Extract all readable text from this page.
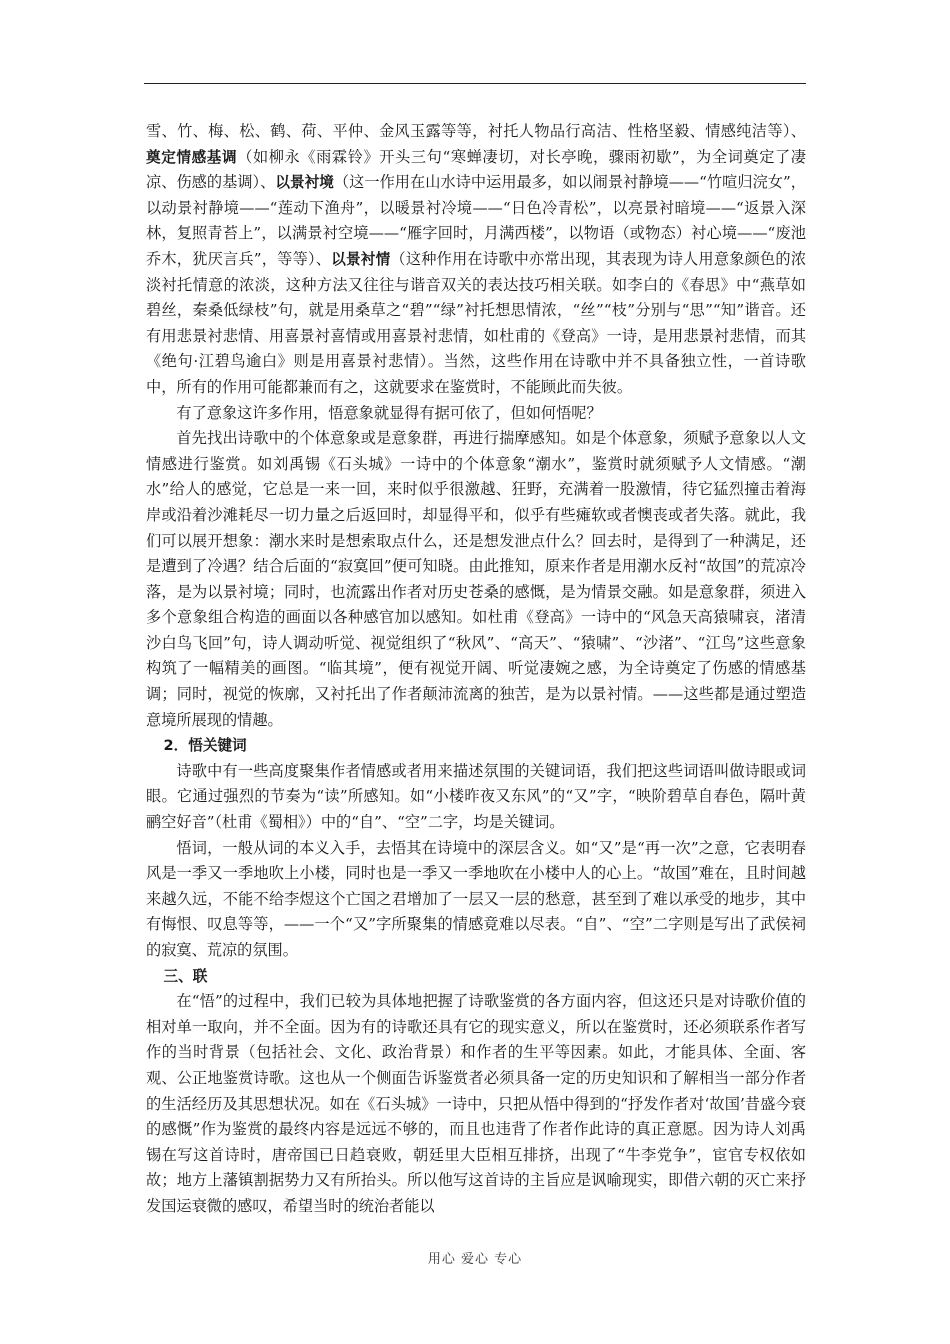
雪、竹、梅、松、鹤、荷、平仲、金风玉露等等，衬托人物品行高洁、性格坚毅、情感纯洁等）、奠定情感基调（如柳永《雨霖铃》开头三句“寒蝉凄切，对长亭晚，骤雨初歇”，为全词奠定了凄凉、伤感的基调）、以景衬境（这一作用在山水诗中运用最多，如以闹景衬静境——“竹喧归浣女”，以动景衬静境——“莲动下渔舟”，以暖景衬冷境——“日色冷青松”，以亮景衬暗境——“返景入深林，复照青苔上”，以满景衬空境——“雁字回时，月满西楼”，以物语（或物态）衬心境——“废池乔木，犹厌言兵”，等等）、以景衬情（这种作用在诗歌中亦常出现，其表现为诗人用意象颜色的浓淡衬托情意的浓淡，这种方法又往往与谐音双关的表达技巧相关联。如李白的《春思》中“燕草如碧丝，秦桑低绿枝”句，就是用桑草之“碧”“绿”衬托想思情浓，“丝”“枝”分别与“思”“知”谐音。还有用悲景衬悲情、用喜景衬喜情或用喜景衬悲情，如杜甫的《登高》一诗，是用悲景衬悲情，而其《绝句·江碧鸟逾白》则是用喜景衬悲情）。当然，这些作用在诗歌中并不具备独立性，一首诗歌中，所有的作用可能都兼而有之，这就要求在鉴赏时，不能顾此而失彼。

有了意象这许多作用，悟意象就显得有据可依了，但如何悟呢？

首先找出诗歌中的个体意象或是意象群，再进行揣摩感知。如是个体意象，须赋予意象以人文情感进行鉴赏。如刘禹锡《石头城》一诗中的个体意象“潮水”，鉴赏时就须赋予人文情感。“潮水”给人的感觉，它总是一来一回，来时似乎很激越、狂野，充满着一股激情，待它猛烈撞击着海岸或沿着沙滩耗尽一切力量之后返回时，却显得平和，似乎有些瘫软或者懊丧或者失落。就此，我们可以展开想象：潮水来时是想索取点什么，还是想发泄点什么？回去时，是得到了一种满足，还是遭到了冷遇？结合后面的“寂寞回”便可知晓。由此推知，原来作者是用潮水反衬“故国”的荒凉冷落，是为以景衬境；同时，也流露出作者对历史苍桑的感慨，是为情景交融。如是意象群，须进入多个意象组合构造的画面以各种感官加以感知。如杜甫《登高》一诗中的“风急天高猿啸哀，渚清沙白鸟飞回”句，诗人调动听觉、视觉组织了“秋风”、“高天”、“猿啸”、“沙渚”、“江鸟”这些意象构筑了一幅精美的画图。“临其境”，便有视觉开阔、听觉凄婉之感，为全诗奠定了伤感的情感基调；同时，视觉的恢廓，又衬托出了作者颠沛流离的独苦，是为以景衬情。——这些都是通过塑造意境所展现的情趣。

2．悟关键词

诗歌中有一些高度聚集作者情感或者用来描述氛围的关键词语，我们把这些词语叫做诗眼或词眼。它通过强烈的节奏为“读”所感知。如“小楼昨夜又东风”的“又”字，“映阶碧草自春色，隔叶黄鹂空好音”（杜甫《蜀相》）中的“自”、“空”二字，均是关键词。

悟词，一般从词的本义入手，去悟其在诗境中的深层含义。如“又”是“再一次”之意，它表明春风是一季又一季地吹上小楼，同时也是一季又一季地吹在小楼中人的心上。“故国”难在，且时间越来越久远，不能不给李煜这个亡国之君增加了一层又一层的愁意，甚至到了难以承受的地步，其中有悔恨、叹息等等，——一个“又”字所聚集的情感竟难以尽表。“自”、“空”二字则是写出了武侯祠的寂寞、荒凉的氛围。

三、联

在“悟”的过程中，我们已较为具体地把握了诗歌鉴赏的各方面内容，但这还只是对诗歌价值的相对单一取向，并不全面。因为有的诗歌还具有它的现实意义，所以在鉴赏时，还必须联系作者写作的当时背景（包括社会、文化、政治背景）和作者的生平等因素。如此，才能具体、全面、客观、公正地鉴赏诗歌。这也从一个侧面告诉鉴赏者必须具备一定的历史知识和了解相当一部分作者的生活经历及其思想状况。如在《石头城》一诗中，只把从悟中得到的“抒发作者对‘故国’昔盛今衰的感慨”作为鉴赏的最终内容是远远不够的，而且也违背了作者作此诗的真正意愿。因为诗人刘禹锡在写这首诗时，唐帝国已日趋衰败，朝廷里大臣相互排挤，出现了“牛李党争”，宦官专权依如故；地方上藩镇割据势力又有所抬头。所以他写这首诗的主旨应是讽喻现实，即借六朝的灭亡来抒发国运衰微的感叹，希望当时的统治者能以

用心 爱心 专心
